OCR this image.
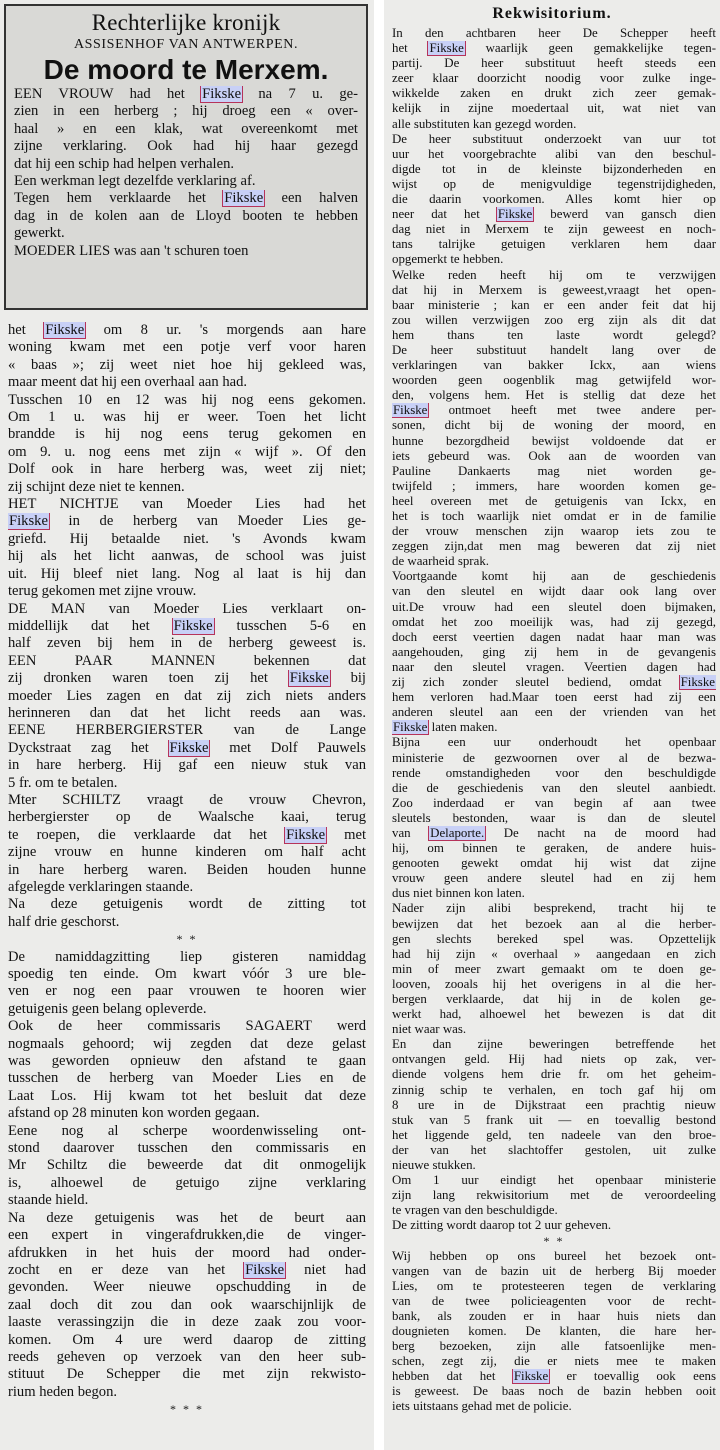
Rechterlijke kronijk
ASSISENHOF VAN ANTWERPEN.
De moord te Merxem.
EEN VROUW had het Fikske na 7 u. ge-
zien in een herberg ; hij droeg een « over-
haal » en een klak, wat overeenkomt met
zijne verklaring. Ook had hij haar gezegd
dat hij een schip had helpen verhalen.
Een werkman legt dezelfde verklaring af.
Tegen hem verklaarde het Fikske een halven
dag in de kolen aan de Lloyd booten te hebben
gewerkt.
MOEDER LIES was aan 't schuren toen
het Fikske om 8 ur. 's morgends aan hare
woning kwam met een potje verf voor haren
« baas »; zij weet niet hoe hij gekleed was,
maar meent dat hij een overhaal aan had.
Tusschen 10 en 12 was hij nog eens gekomen.
Om 1 u. was hij er weer. Toen het licht
brandde is hij nog eens terug gekomen en
om 9. u. nog eens met zijn « wijf ». Of den
Dolf ook in hare herberg was, weet zij niet;
zij schijnt deze niet te kennen.
HET NICHTJE van Moeder Lies had het
Fikske in de herberg van Moeder Lies ge-
griefd. Hij betaalde niet. 's Avonds kwam
hij als het licht aanwas, de school was juist
uit. Hij bleef niet lang. Nog al laat is hij dan
terug gekomen met zijne vrouw.
DE MAN van Moeder Lies verklaart on-
middellijk dat het Fikske tusschen 5-6 en
half zeven bij hem in de herberg geweest is.
EEN PAAR MANNEN bekennen dat
zij dronken waren toen zij het Fikske bij
moeder Lies zagen en dat zij zich niets anders
herinneren dan dat het licht reeds aan was.
EENE HERBERGIERSTER van de Lange
Dyckstraat zag het Fikske met Dolf Pauwels
in hare herberg. Hij gaf een nieuw stuk van
5 fr. om te betalen.
Mter SCHILTZ vraagt de vrouw Chevron,
herbergierster op de Waalsche kaai, terug
te roepen, die verklaarde dat het Fikske met
zijne vrouw en hunne kinderen om half acht
in hare herberg waren. Beiden houden hunne
afgelegde verklaringen staande.
Na deze getuigenis wordt de zitting tot
half drie geschorst.
* *
De namiddagzitting liep gisteren namiddag
spoedig ten einde. Om kwart vóór 3 ure ble-
ven er nog een paar vrouwen te hooren wier
getuigenis geen belang opleverde.
Ook de heer commissaris SAGAERT werd
nogmaals gehoord; wij zegden dat deze gelast
was geworden opnieuw den afstand te gaan
tusschen de herberg van Moeder Lies en de
Laat Los. Hij kwam tot het besluit dat deze
afstand op 28 minuten kon worden gegaan.
Eene nog al scherpe woordenwisseling ont-
stond daarover tusschen den commissaris en
Mr Schiltz die beweerde dat dit onmogelijk
is, alhoewel de getuigo zijne verklaring
staande hield.
Na deze getuigenis was het de beurt aan
een expert in vingerafdrukken,die de vinger-
afdrukken in het huis der moord had onder-
zocht en er deze van het Fikske niet had
gevonden. Weer nieuwe opschudding in de
zaal doch dit zou dan ook waarschijnlijk de
laaste verassingzijn die in deze zaak zou voor-
komen. Om 4 ure werd daarop de zitting
reeds geheven op verzoek van den heer sub-
stituut De Schepper die met zijn rekwisto-
rium heden begon.
* * *
Rekwisitorium.
In den achtbaren heer De Schepper heeft
het Fikske waarlijk geen gemakkelijke tegen-
partij. De heer substituut heeft steeds een
zeer klaar doorzicht noodig voor zulke inge-
wikkelde zaken en drukt zich zeer gemak-
kelijk in zijne moedertaal uit, wat niet van
alle substituten kan gezegd worden.
De heer substituut onderzoekt van uur tot
uur het voorgebrachte alibi van den beschul-
digde tot in de kleinste bijzonderheden en
wijst op de menigvuldige tegenstrijdigheden,
die daarin voorkomen. Alles komt hier op
neer dat het Fikske bewerd van gansch dien
dag niet in Merxem te zijn geweest en noch-
tans talrijke getuigen verklaren hem daar
opgemerkt te hebben.
Welke reden heeft hij om te verzwijgen
dat hij in Merxem is geweest,vraagt het open-
baar ministerie ; kan er een ander feit dat hij
zou willen verzwijgen zoo erg zijn als dit dat
hem thans ten laste wordt gelegd?
De heer substituut handelt lang over de
verklaringen van bakker Ickx, aan wiens
woorden geen oogenblik mag getwijfeld wor-
den, volgens hem. Het is stellig dat deze het
Fikske ontmoet heeft met twee andere per-
sonen, dicht bij de woning der moord, en
hunne bezorgdheid bewijst voldoende dat er
iets gebeurd was. Ook aan de woorden van
Pauline Dankaerts mag niet worden ge-
twijfeld ; immers, hare woorden komen ge-
heel overeen met de getuigenis van Ickx, en
het is toch waarlijk niet omdat er in de familie
der vrouw menschen zijn waarop iets zou te
zeggen zijn,dat men mag beweren dat zij niet
de waarheid sprak.
Voortgaande komt hij aan de geschiedenis
van den sleutel en wijdt daar ook lang over
uit.De vrouw had een sleutel doen bijmaken,
omdat het zoo moeilijk was, had zij gezegd,
doch eerst veertien dagen nadat haar man was
aangehouden, ging zij hem in de gevangenis
naar den sleutel vragen. Veertien dagen had
zij zich zonder sleutel bediend, omdat Fikske
hem verloren had.Maar toen eerst had zij een
anderen sleutel aan een der vrienden van het
Fikske laten maken.
Bijna een uur onderhoudt het openbaar
ministerie de gezwoornen over al de bezwa-
rende omstandigheden voor den beschuldigde
die de geschiedenis van den sleutel aanbiedt.
Zoo inderdaad er van begin af aan twee
sleutels bestonden, waar is dan de sleutel
van Delaporte. De nacht na de moord had
hij, om binnen te geraken, de andere huis-
genooten gewekt omdat hij wist dat zijne
vrouw geen andere sleutel had en zij hem
dus niet binnen kon laten.
Nader zijn alibi besprekend, tracht hij te
bewijzen dat het bezoek aan al die herber-
gen slechts bereked spel was. Opzettelijk
had hij zijn « overhaal » aangedaan en zich
min of meer zwart gemaakt om te doen ge-
looven, zooals hij het overigens in al die her-
bergen verklaarde, dat hij in de kolen ge-
werkt had, alhoewel het bewezen is dat dit
niet waar was.
En dan zijne beweringen betreffende het
ontvangen geld. Hij had niets op zak, ver-
diende volgens hem drie fr. om het geheim-
zinnig schip te verhalen, en toch gaf hij om
8 ure in de Dijkstraat een prachtig nieuw
stuk van 5 frank uit — en toevallig bestond
het liggende geld, ten nadeele van den broe-
der van het slachtoffer gestolen, uit zulke
nieuwe stukken.
Om 1 uur eindigt het openbaar ministerie
zijn lang rekwisitorium met de veroordeeling
te vragen van den beschuldigde.
De zitting wordt daarop tot 2 uur geheven.
* *
Wij hebben op ons bureel het bezoek ont-
vangen van de bazin uit de herberg Bij moeder
Lies, om te protesteeren tegen de verklaring
van de twee policieagenten voor de recht-
bank, als zouden er in haar huis niets dan
dougnieten komen. De klanten, die hare her-
berg bezoeken, zijn alle fatsoenlijke men-
schen, zegt zij, die er niets mee te maken
hebben dat het Fikske er toevallig ook eens
is geweest. De baas noch de bazin hebben ooit
iets uitstaans gehad met de policie.
